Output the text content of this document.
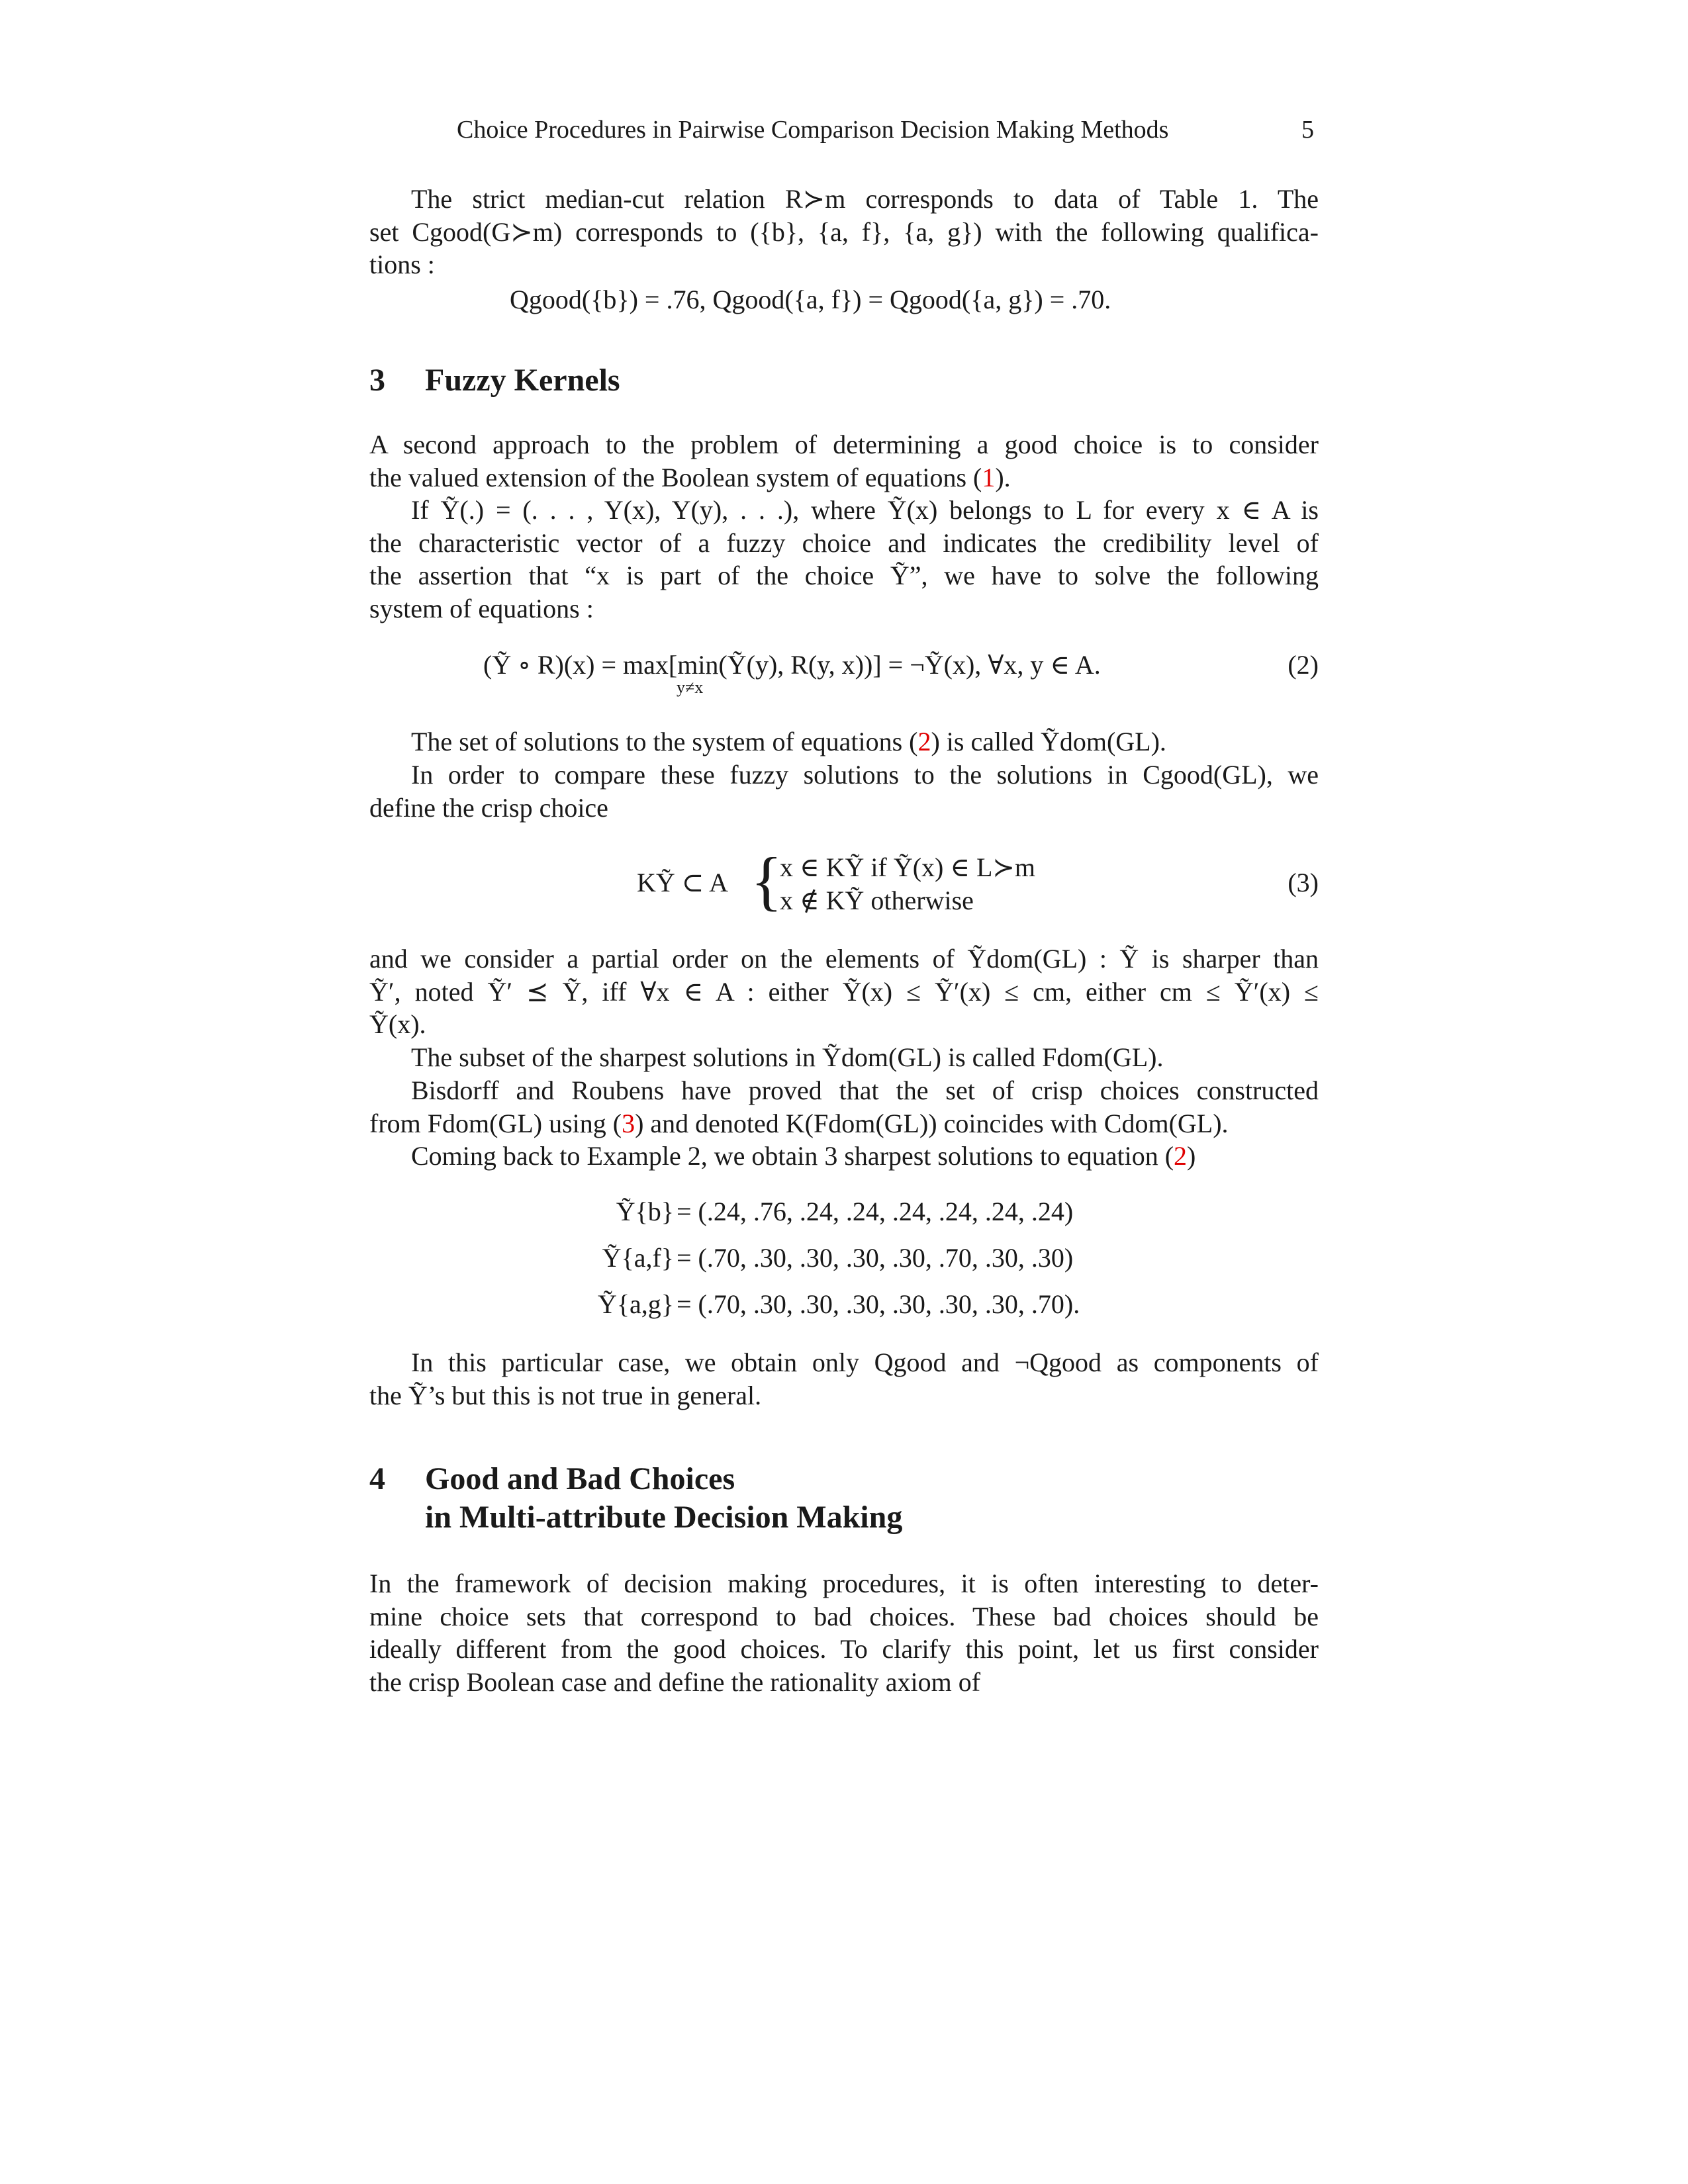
Choice Procedures in Pairwise Comparison Decision Making Methods	5
The strict median-cut relation R≻m corresponds to data of Table 1. The
set Cgood(G≻m) corresponds to ({b}, {a, f}, {a, g}) with the following qualifica-
tions :
Qgood({b}) = .76, Qgood({a, f}) = Qgood({a, g}) = .70.
3 Fuzzy Kernels
A second approach to the problem of determining a good choice is to consider
the valued extension of the Boolean system of equations (1).
If Ỹ(.) = (. . . , Y(x), Y(y), . . .), where Ỹ(x) belongs to L for every x ∈ A is
the characteristic vector of a fuzzy choice and indicates the credibility level of
the assertion that “x is part of the choice Ỹ”, we have to solve the following
system of equations :
(Ỹ ∘ R)(x) = max[min(Ỹ(y), R(y, x))] = ¬Ỹ(x), ∀x, y ∈ A.
y≠x
(2)
The set of solutions to the system of equations (2) is called Ỹdom(GL).
In order to compare these fuzzy solutions to the solutions in Cgood(GL), we
define the crisp choice
KỸ ⊂ A {
x ∈ KỸ if Ỹ(x) ∈ L≻m
x ∉ KỸ otherwise
(3)
and we consider a partial order on the elements of Ỹdom(GL) : Ỹ is sharper than
Ỹ′, noted Ỹ′ ⪯ Ỹ, iff ∀x ∈ A : either Ỹ(x) ≤ Ỹ′(x) ≤ cm, either cm ≤ Ỹ′(x) ≤
Ỹ(x).
The subset of the sharpest solutions in Ỹdom(GL) is called Fdom(GL).
Bisdorff and Roubens have proved that the set of crisp choices constructed
from Fdom(GL) using (3) and denoted K(Fdom(GL)) coincides with Cdom(GL).
Coming back to Example 2, we obtain 3 sharpest solutions to equation (2)
Ỹ{b} = (.24, .76, .24, .24, .24, .24, .24, .24)
Ỹ{a,f} = (.70, .30, .30, .30, .30, .70, .30, .30)
Ỹ{a,g} = (.70, .30, .30, .30, .30, .30, .30, .70).
In this particular case, we obtain only Qgood and ¬Qgood as components of
the Ỹ’s but this is not true in general.
4 Good and Bad Choices
in Multi-attribute Decision Making
In the framework of decision making procedures, it is often interesting to deter-
mine choice sets that correspond to bad choices. These bad choices should be
ideally different from the good choices. To clarify this point, let us first consider
the crisp Boolean case and define the rationality axiom of
